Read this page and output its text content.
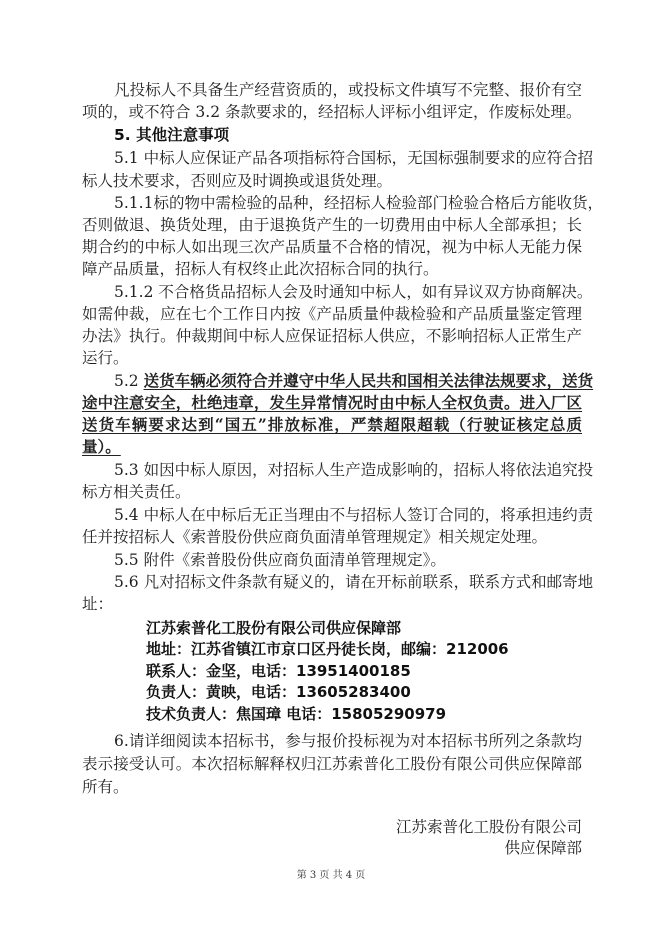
凡投标人不具备生产经营资质的，或投标文件填写不完整、报价有空
项的，或不符合 3.2 条款要求的，经招标人评标小组评定，作废标处理。
5. 其他注意事项
5.1 中标人应保证产品各项指标符合国标，无国标强制要求的应符合招
标人技术要求，否则应及时调换或退货处理。
5.1.1标的物中需检验的品种，经招标人检验部门检验合格后方能收货，
否则做退、换货处理，由于退换货产生的一切费用由中标人全部承担；长
期合约的中标人如出现三次产品质量不合格的情况，视为中标人无能力保
障产品质量，招标人有权终止此次招标合同的执行。
5.1.2 不合格货品招标人会及时通知中标人，如有异议双方协商解决。
如需仲裁，应在七个工作日内按《产品质量仲裁检验和产品质量鉴定管理
办法》执行。仲裁期间中标人应保证招标人供应，不影响招标人正常生产
运行。
5.2 送货车辆必须符合并遵守中华人民共和国相关法律法规要求，送货
途中注意安全，杜绝违章，发生异常情况时由中标人全权负责。进入厂区
送货车辆要求达到“国五”排放标准，严禁超限超载（行驶证核定总质
量）。
5.3 如因中标人原因，对招标人生产造成影响的，招标人将依法追究投
标方相关责任。
5.4 中标人在中标后无正当理由不与招标人签订合同的，将承担违约责
任并按招标人《索普股份供应商负面清单管理规定》相关规定处理。
5.5 附件《索普股份供应商负面清单管理规定》。
5.6 凡对招标文件条款有疑义的，请在开标前联系，联系方式和邮寄地
址：
江苏索普化工股份有限公司供应保障部
地址：江苏省镇江市京口区丹徒长岗，邮编：212006
联系人：金坚，电话：13951400185
负责人：黄映，电话：13605283400
技术负责人：焦国璋 电话：15805290979
6.请详细阅读本招标书，参与报价投标视为对本招标书所列之条款均
表示接受认可。本次招标解释权归江苏索普化工股份有限公司供应保障部
所有。
江苏索普化工股份有限公司
供应保障部
第 3 页 共 4 页
